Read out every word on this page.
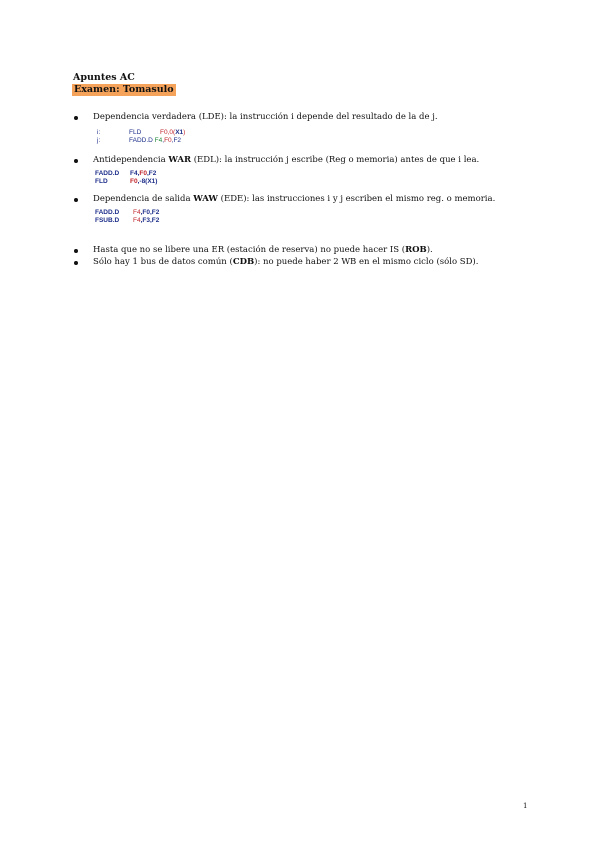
Apuntes AC
Examen: Tomasulo
Dependencia verdadera (LDE): la instrucción i depende del resultado de la de j.
i:	FLD	F0,0(X1)
j:	FADD.D F4,F0,F2
Antidependencia WAR (EDL): la instrucción j escribe (Reg o memoria) antes de que i lea.
FADD.D F4,F0,F2
FLD	F0,-8(X1)
Dependencia de salida WAW (EDE): las instrucciones i y j escriben el mismo reg. o memoria.
FADD.D F4,F0,F2
FSUB.D F4,F3,F2
Hasta que no se libere una ER (estación de reserva) no puede hacer IS (ROB).
Sólo hay 1 bus de datos común (CDB): no puede haber 2 WB en el mismo ciclo (sólo SD).
1
